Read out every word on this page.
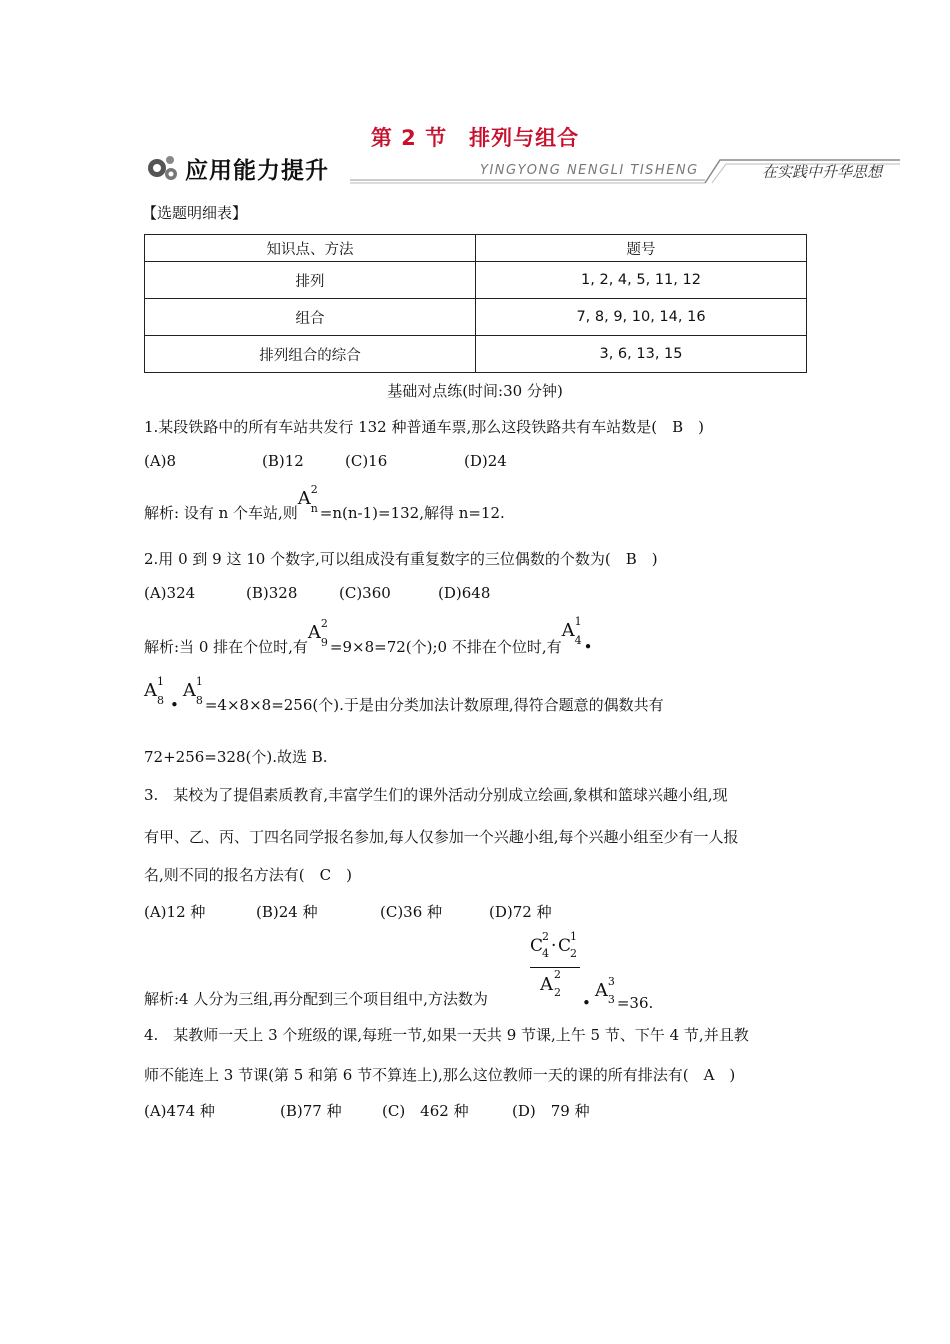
第 2 节　排列与组合
应用能力提升	YINGYONG NENGLI TISHENG	在实践中升华思想
【选题明细表】
知识点、方法	题号
排列	1, 2, 4, 5, 11, 12
组合	7, 8, 9, 10, 14, 16
排列组合的综合	3, 6, 13, 15
基础对点练(时间:30 分钟)
1.某段铁路中的所有车站共发行 132 种普通车票,那么这段铁路共有车站数是(　B　)
(A)8	(B)12	(C)16	(D)24
解析: 设有 n 个车站,则
A 2
n =n(n-1)=132,解得 n=12.
2.用 0 到 9 这 10 个数字,可以组成没有重复数字的三位偶数的个数为(　B　)
(A)324	(B)328	(C)360	(D)648
解析:当 0 排在个位时,有
A 2
9 =9×8=72(个);0 不排在个位时,有
A 1
4 •
A 1
8 •
A 1
8 =4×8×8=256(个).于是由分类加法计数原理,得符合题意的偶数共有
72+256=328(个).故选 B.
3.　某校为了提倡素质教育,丰富学生们的课外活动分别成立绘画,象棋和篮球兴趣小组,现
有甲、乙、丙、丁四名同学报名参加,每人仅参加一个兴趣小组,每个兴趣小组至少有一人报
名,则不同的报名方法有(　C　)
(A)12 种	(B)24 种	(C)36 种	(D)72 种
C
2
4 · C
1
2
A 2
2
解析:4 人分为三组,再分配到三个项目组中,方法数为	•
A 3
3 =36.
4.　某教师一天上 3 个班级的课,每班一节,如果一天共 9 节课,上午 5 节、下午 4 节,并且教
师不能连上 3 节课(第 5 和第 6 节不算连上),那么这位教师一天的课的所有排法有(　A　)
(A)474 种	(B)77 种	(C)　462 种	(D)　79 种
